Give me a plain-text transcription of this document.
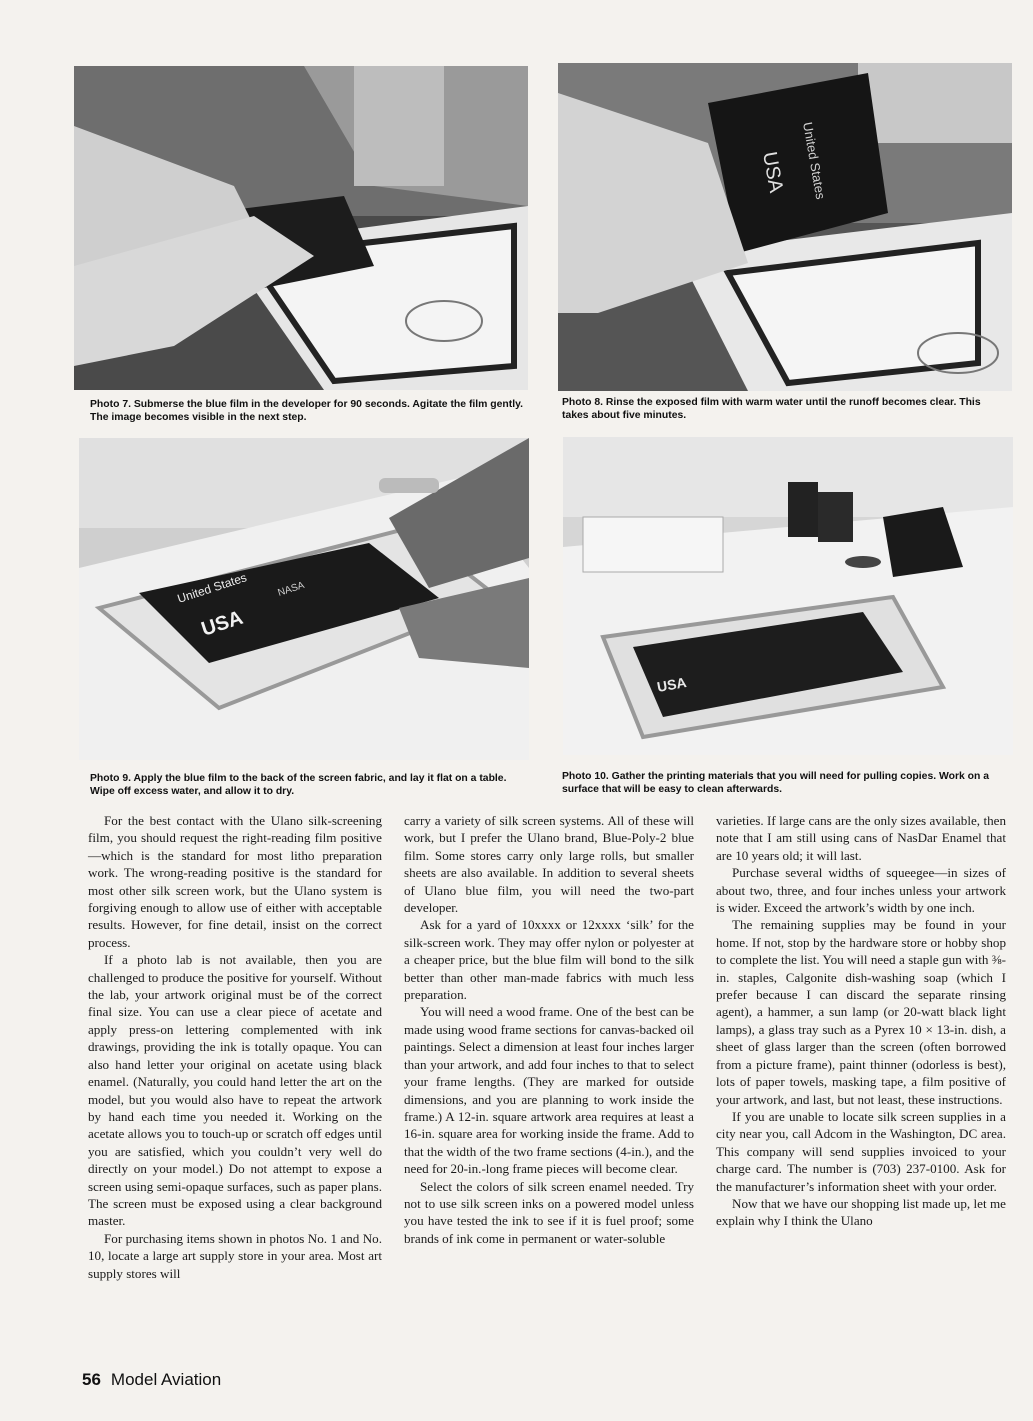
Photo 7. Submerse the blue film in the developer for 90 seconds. Agitate the film gently. The image becomes visible in the next step.

USA United States

Photo 8. Rinse the exposed film with warm water until the runoff becomes clear. This takes about five minutes.

United States
USA
NASA

Photo 9. Apply the blue film to the back of the screen fabric, and lay it flat on a table. Wipe off excess water, and allow it to dry.

USA

Photo 10. Gather the printing materials that you will need for pulling copies. Work on a surface that will be easy to clean afterwards.

For the best contact with the Ulano silk-screening film, you should request the right-reading film positive—which is the standard for most litho preparation work. The wrong-reading positive is the standard for most other silk screen work, but the Ulano system is forgiving enough to allow use of either with acceptable results. However, for fine detail, insist on the correct process.

If a photo lab is not available, then you are challenged to produce the positive for yourself. Without the lab, your artwork original must be of the correct final size. You can use a clear piece of acetate and apply press-on lettering complemented with ink drawings, providing the ink is totally opaque. You can also hand letter your original on acetate using black enamel. (Naturally, you could hand letter the art on the model, but you would also have to repeat the artwork by hand each time you needed it. Working on the acetate allows you to touch-up or scratch off edges until you are satisfied, which you couldn’t very well do directly on your model.) Do not attempt to expose a screen using semi-opaque surfaces, such as paper plans. The screen must be exposed using a clear background master.

For purchasing items shown in photos No. 1 and No. 10, locate a large art supply store in your area. Most art supply stores will

carry a variety of silk screen systems. All of these will work, but I prefer the Ulano brand, Blue-Poly-2 blue film. Some stores carry only large rolls, but smaller sheets are also available. In addition to several sheets of Ulano blue film, you will need the two-part developer.

Ask for a yard of 10xxxx or 12xxxx ‘silk’ for the silk-screen work. They may offer nylon or polyester at a cheaper price, but the blue film will bond to the silk better than other man-made fabrics with much less preparation.

You will need a wood frame. One of the best can be made using wood frame sections for canvas-backed oil paintings. Select a dimension at least four inches larger than your artwork, and add four inches to that to select your frame lengths. (They are marked for outside dimensions, and you are planning to work inside the frame.) A 12-in. square artwork area requires at least a 16-in. square area for working inside the frame. Add to that the width of the two frame sections (4-in.), and the need for 20-in.-long frame pieces will become clear.

Select the colors of silk screen enamel needed. Try not to use silk screen inks on a powered model unless you have tested the ink to see if it is fuel proof; some brands of ink come in permanent or water-soluble

varieties. If large cans are the only sizes available, then note that I am still using cans of NasDar Enamel that are 10 years old; it will last.

Purchase several widths of squeegee—in sizes of about two, three, and four inches unless your artwork is wider. Exceed the artwork’s width by one inch.

The remaining supplies may be found in your home. If not, stop by the hardware store or hobby shop to complete the list. You will need a staple gun with ⅜-in. staples, Calgonite dish-washing soap (which I prefer because I can discard the separate rinsing agent), a hammer, a sun lamp (or 20-watt black light lamps), a glass tray such as a Pyrex 10 × 13-in. dish, a sheet of glass larger than the screen (often borrowed from a picture frame), paint thinner (odorless is best), lots of paper towels, masking tape, a film positive of your artwork, and last, but not least, these instructions.

If you are unable to locate silk screen supplies in a city near you, call Adcom in the Washington, DC area. This company will send supplies invoiced to your charge card. The number is (703) 237-0100. Ask for the manufacturer’s information sheet with your order.

Now that we have our shopping list made up, let me explain why I think the Ulano

56 Model Aviation
